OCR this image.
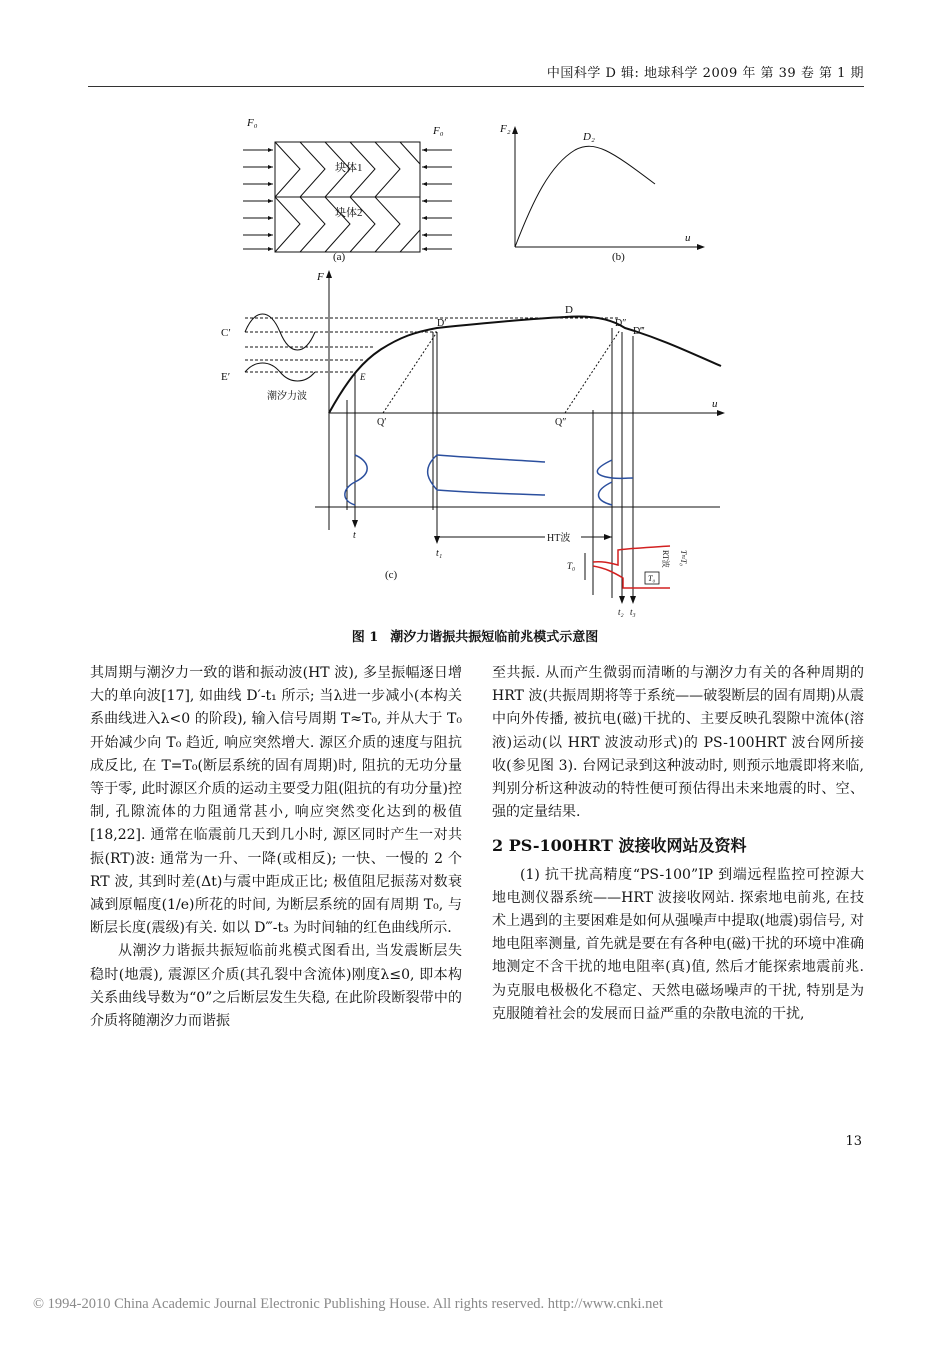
中国科学 D 辑: 地球科学 2009 年 第 39 卷 第 1 期
F₀
F₀
块体1
块体2
(a)
F₂
D₂
u
(b)
F
u
C′
E′	E
潮汐力波
D′
D
D″
D‴
Q′	Q″
t
t₁
HT波
T₀
T₀
RT波 T≈T₀
t₂ t₃
(c)
图 1 潮汐力谐振共振短临前兆模式示意图

其周期与潮汐力一致的谐和振动波(HT 波), 多呈振幅逐日增大的单向波[17], 如曲线 D′-t₁ 所示; 当λ进一步减小(本构关系曲线进入λ<0 的阶段), 输入信号周期 T≈T₀, 并从大于 T₀ 开始减少向 T₀ 趋近, 响应突然增大. 源区介质的速度与阻抗成反比, 在 T=T₀(断层系统的固有周期)时, 阻抗的无功分量等于零, 此时源区介质的运动主要受力阻(阻抗的有功分量)控制, 孔隙流体的力阻通常甚小, 响应突然变化达到的极值[18,22]. 通常在临震前几天到几小时, 源区同时产生一对共振(RT)波: 通常为一升、一降(或相反); 一快、一慢的 2 个 RT 波, 其到时差(Δt)与震中距成正比; 极值阻尼振荡对数衰减到原幅度(1/e)所花的时间, 为断层系统的固有周期 T₀, 与断层长度(震级)有关. 如以 D‴-t₃ 为时间轴的红色曲线所示.

从潮汐力谐振共振短临前兆模式图看出, 当发震断层失稳时(地震), 震源区介质(其孔裂中含流体)刚度λ≤0, 即本构关系曲线导数为“0”之后断层发生失稳, 在此阶段断裂带中的介质将随潮汐力而谐振

至共振. 从而产生微弱而清晰的与潮汐力有关的各种周期的 HRT 波(共振周期将等于系统——破裂断层的固有周期)从震中向外传播, 被抗电(磁)干扰的、主要反映孔裂隙中流体(溶液)运动(以 HRT 波波动形式)的 PS-100HRT 波台网所接收(参见图 3). 台网记录到这种波动时, 则预示地震即将来临, 判别分析这种波动的特性便可预估得出未来地震的时、空、强的定量结果.

2 PS-100HRT 波接收网站及资料

(1) 抗干扰高精度“PS-100”IP 到端远程监控可控源大地电测仪器系统——HRT 波接收网站. 探索地电前兆, 在技术上遇到的主要困难是如何从强噪声中提取(地震)弱信号, 对地电阻率测量, 首先就是要在有各种电(磁)干扰的环境中准确地测定不含干扰的地电阻率(真)值, 然后才能探索地震前兆. 为克服电极极化不稳定、天然电磁场噪声的干扰, 特别是为克服随着社会的发展而日益严重的杂散电流的干扰,

13
© 1994-2010 China Academic Journal Electronic Publishing House. All rights reserved. http://www.cnki.net
